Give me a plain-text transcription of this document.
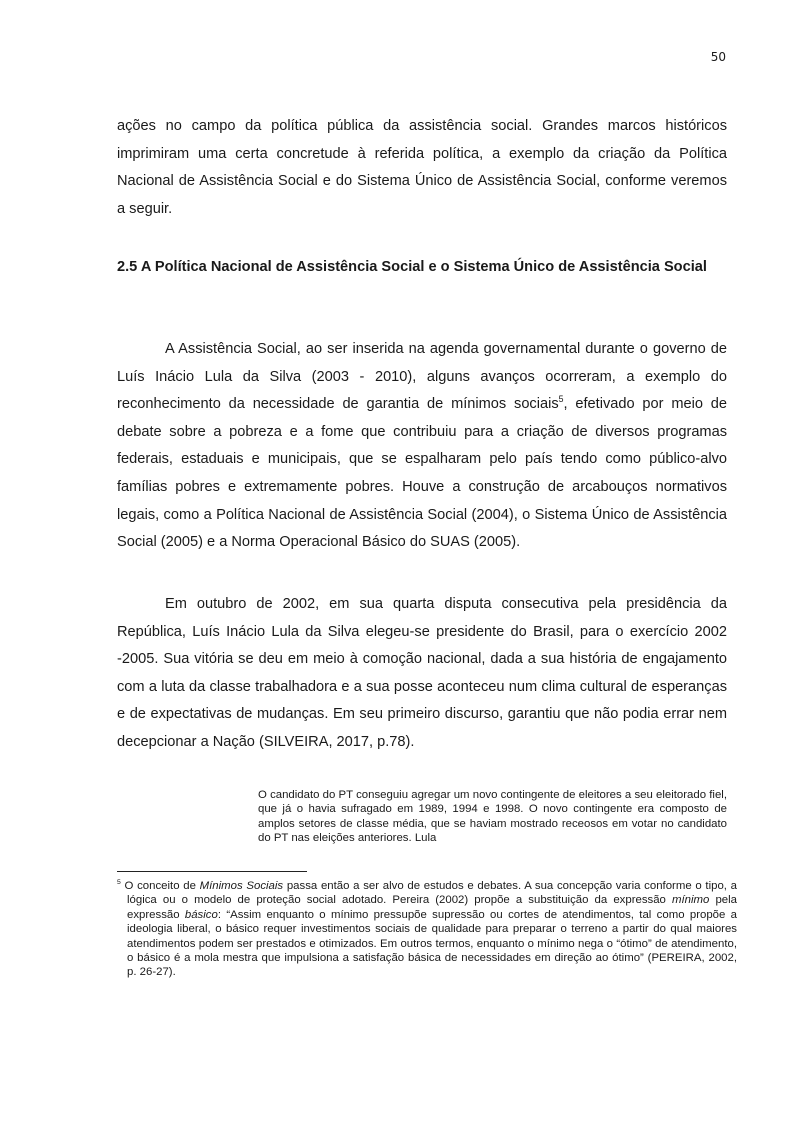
50

ações no campo da política pública da assistência social. Grandes marcos históricos imprimiram uma certa concretude à referida política, a exemplo da criação da Política Nacional de Assistência Social e do Sistema Único de Assistência Social, conforme veremos a seguir.

2.5 A Política Nacional de Assistência Social e o Sistema Único de Assistência Social

A Assistência Social, ao ser inserida na agenda governamental durante o governo de Luís Inácio Lula da Silva (2003 - 2010), alguns avanços ocorreram, a exemplo do reconhecimento da necessidade de garantia de mínimos sociais$^5$, efetivado por meio de debate sobre a pobreza e a fome que contribuiu para a criação de diversos programas federais, estaduais e municipais, que se espalharam pelo país tendo como público-alvo famílias pobres e extremamente pobres. Houve a construção de arcabouços normativos legais, como a Política Nacional de Assistência Social (2004), o Sistema Único de Assistência Social (2005) e a Norma Operacional Básico do SUAS (2005).

Em outubro de 2002, em sua quarta disputa consecutiva pela presidência da República, Luís Inácio Lula da Silva elegeu-se presidente do Brasil, para o exercício 2002 -2005. Sua vitória se deu em meio à comoção nacional, dada a sua história de engajamento com a luta da classe trabalhadora e a sua posse aconteceu num clima cultural de esperanças e de expectativas de mudanças. Em seu primeiro discurso, garantiu que não podia errar nem decepcionar a Nação (SILVEIRA, 2017, p.78).

O candidato do PT conseguiu agregar um novo contingente de eleitores a seu eleitorado fiel, que já o havia sufragado em 1989, 1994 e 1998. O novo contingente era composto de amplos setores de classe média, que se haviam mostrado receosos em votar no candidato do PT nas eleições anteriores. Lula

$^5$ O conceito de Mínimos Sociais passa então a ser alvo de estudos e debates. A sua concepção varia conforme o tipo, a lógica ou o modelo de proteção social adotado. Pereira (2002) propõe a substituição da expressão mínimo pela expressão básico: “Assim enquanto o mínimo pressupõe supressão ou cortes de atendimentos, tal como propõe a ideologia liberal, o básico requer investimentos sociais de qualidade para preparar o terreno a partir do qual maiores atendimentos podem ser prestados e otimizados. Em outros termos, enquanto o mínimo nega o “ótimo” de atendimento, o básico é a mola mestra que impulsiona a satisfação básica de necessidades em direção ao ótimo” (PEREIRA, 2002, p. 26-27).
